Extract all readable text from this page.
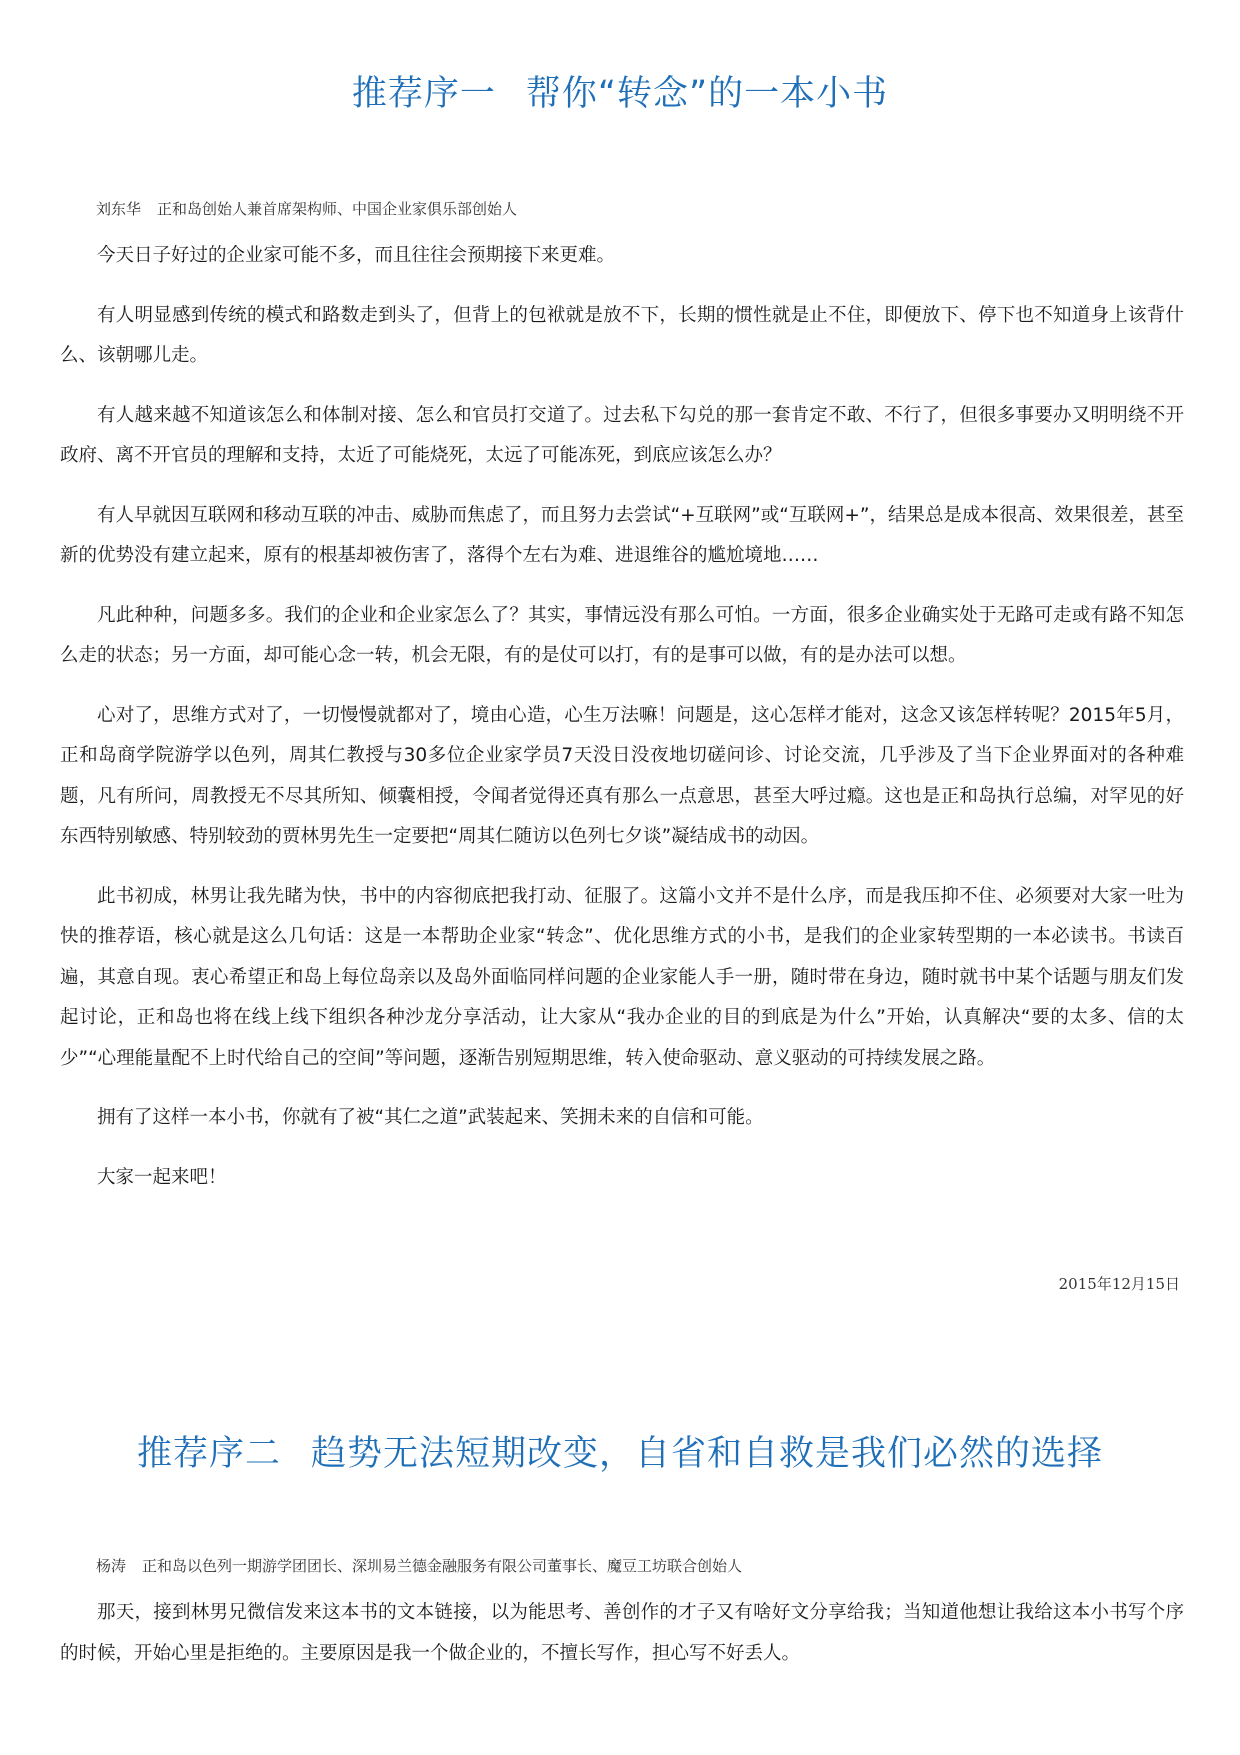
推荐序一 帮你“转念”的一本小书
刘东华 正和岛创始人兼首席架构师、中国企业家俱乐部创始人

今天日子好过的企业家可能不多，而且往往会预期接下来更难。

有人明显感到传统的模式和路数走到头了，但背上的包袱就是放不下，长期的惯性就是止不住，即便放下、停下也不知道身上该背什么、该朝哪儿走。

有人越来越不知道该怎么和体制对接、怎么和官员打交道了。过去私下勾兑的那一套肯定不敢、不行了，但很多事要办又明明绕不开政府、离不开官员的理解和支持，太近了可能烧死，太远了可能冻死，到底应该怎么办？

有人早就因互联网和移动互联的冲击、威胁而焦虑了，而且努力去尝试“+互联网”或“互联网+”，结果总是成本很高、效果很差，甚至新的优势没有建立起来，原有的根基却被伤害了，落得个左右为难、进退维谷的尴尬境地……

凡此种种，问题多多。我们的企业和企业家怎么了？其实，事情远没有那么可怕。一方面，很多企业确实处于无路可走或有路不知怎么走的状态；另一方面，却可能心念一转，机会无限，有的是仗可以打，有的是事可以做，有的是办法可以想。

心对了，思维方式对了，一切慢慢就都对了，境由心造，心生万法嘛！问题是，这心怎样才能对，这念又该怎样转呢？2015年5月，正和岛商学院游学以色列，周其仁教授与30多位企业家学员7天没日没夜地切磋问诊、讨论交流，几乎涉及了当下企业界面对的各种难题，凡有所问，周教授无不尽其所知、倾囊相授，令闻者觉得还真有那么一点意思，甚至大呼过瘾。这也是正和岛执行总编，对罕见的好东西特别敏感、特别较劲的贾林男先生一定要把“周其仁随访以色列七夕谈”凝结成书的动因。

此书初成，林男让我先睹为快，书中的内容彻底把我打动、征服了。这篇小文并不是什么序，而是我压抑不住、必须要对大家一吐为快的推荐语，核心就是这么几句话：这是一本帮助企业家“转念”、优化思维方式的小书，是我们的企业家转型期的一本必读书。书读百遍，其意自现。衷心希望正和岛上每位岛亲以及岛外面临同样问题的企业家能人手一册，随时带在身边，随时就书中某个话题与朋友们发起讨论，正和岛也将在线上线下组织各种沙龙分享活动，让大家从“我办企业的目的到底是为什么”开始，认真解决“要的太多、信的太少”“心理能量配不上时代给自己的空间”等问题，逐渐告别短期思维，转入使命驱动、意义驱动的可持续发展之路。

拥有了这样一本小书，你就有了被“其仁之道”武装起来、笑拥未来的自信和可能。

大家一起来吧！

2015年12月15日
推荐序二 趋势无法短期改变，自省和自救是我们必然的选择
杨涛 正和岛以色列一期游学团团长、深圳易兰德金融服务有限公司董事长、魔豆工坊联合创始人

那天，接到林男兄微信发来这本书的文本链接，以为能思考、善创作的才子又有啥好文分享给我；当知道他想让我给这本小书写个序的时候，开始心里是拒绝的。主要原因是我一个做企业的，不擅长写作，担心写不好丢人。
